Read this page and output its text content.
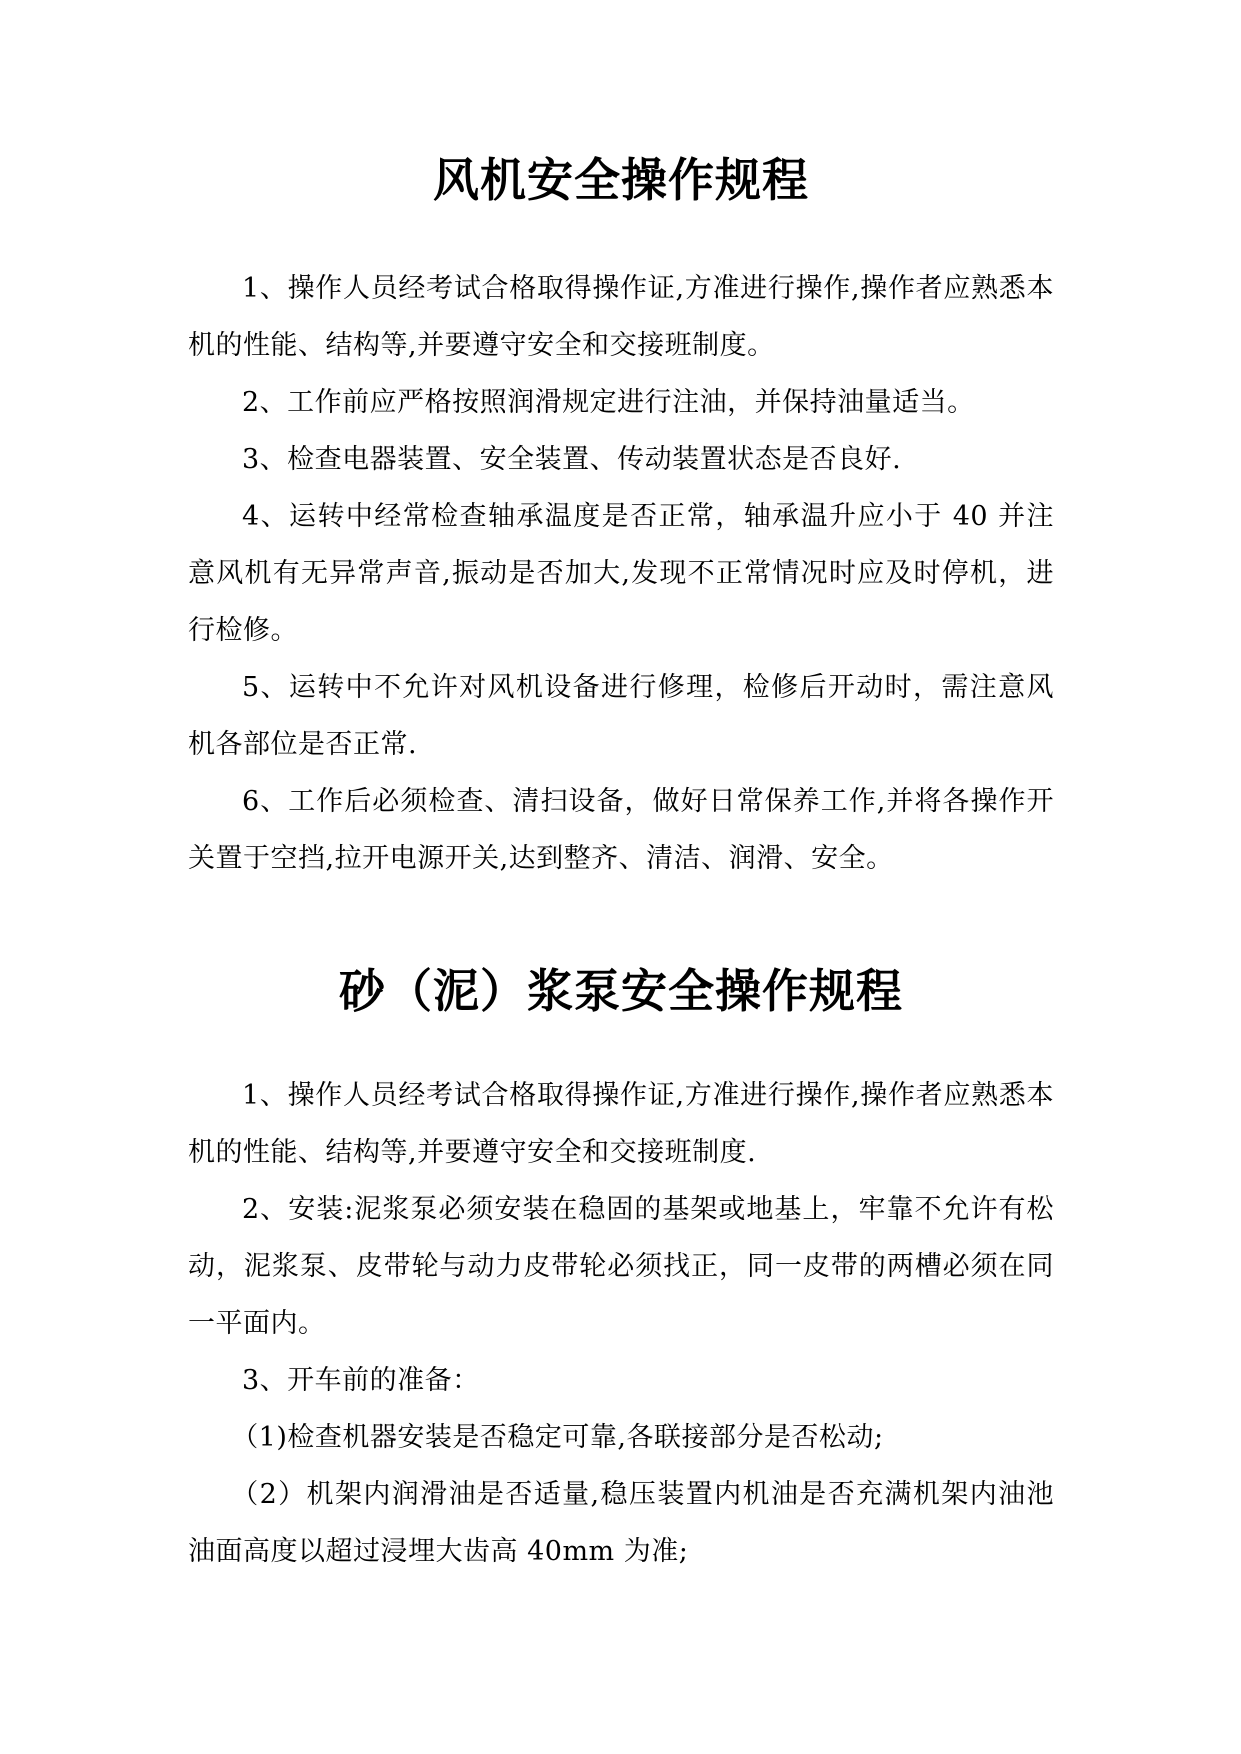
风机安全操作规程

1、操作人员经考试合格取得操作证,方准进行操作,操作者应熟悉本机的性能、结构等,并要遵守安全和交接班制度。

2、工作前应严格按照润滑规定进行注油，并保持油量适当。

3、检查电器装置、安全装置、传动装置状态是否良好.

4、运转中经常检查轴承温度是否正常，轴承温升应小于 40 并注意风机有无异常声音,振动是否加大,发现不正常情况时应及时停机，进行检修。

5、运转中不允许对风机设备进行修理，检修后开动时，需注意风机各部位是否正常.

6、工作后必须检查、清扫设备，做好日常保养工作,并将各操作开关置于空挡,拉开电源开关,达到整齐、清洁、润滑、安全。

砂（泥）浆泵安全操作规程

1、操作人员经考试合格取得操作证,方准进行操作,操作者应熟悉本机的性能、结构等,并要遵守安全和交接班制度.

2、安装:泥浆泵必须安装在稳固的基架或地基上，牢靠不允许有松动，泥浆泵、皮带轮与动力皮带轮必须找正，同一皮带的两槽必须在同一平面内。

3、开车前的准备：

（1)检查机器安装是否稳定可靠,各联接部分是否松动;

（2）机架内润滑油是否适量,稳压装置内机油是否充满机架内油池油面高度以超过浸埋大齿高 40mm 为准;
